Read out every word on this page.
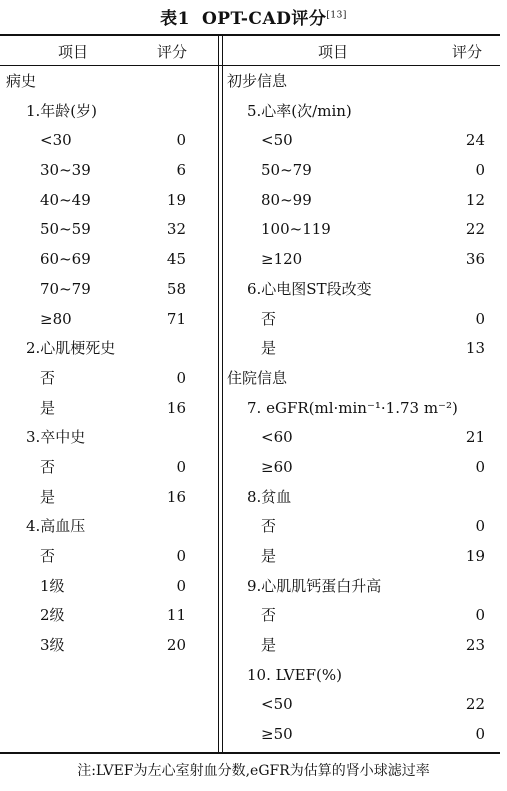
表1 OPT-CAD评分[13]
项目	评分	项目	评分
病史
1.年龄(岁)
<30	0
30~39	6
40~49	19
50~59	32
60~69	45
70~79	58
≥80	71
2.心肌梗死史
否	0
是	16
3.卒中史
否	0
是	16
4.高血压
否	0
1级	0
2级	11
3级	20
初步信息
5.心率(次/min)
<50	24
50~79	0
80~99	12
100~119	22
≥120	36
6.心电图ST段改变
否	0
是	13
住院信息
7. eGFR(ml·min⁻¹·1.73 m⁻²)
<60	21
≥60	0
8.贫血
否	0
是	19
9.心肌肌钙蛋白升高
否	0
是	23
10. LVEF(%)
<50	22
≥50	0
注:LVEF为左心室射血分数,eGFR为估算的肾小球滤过率
